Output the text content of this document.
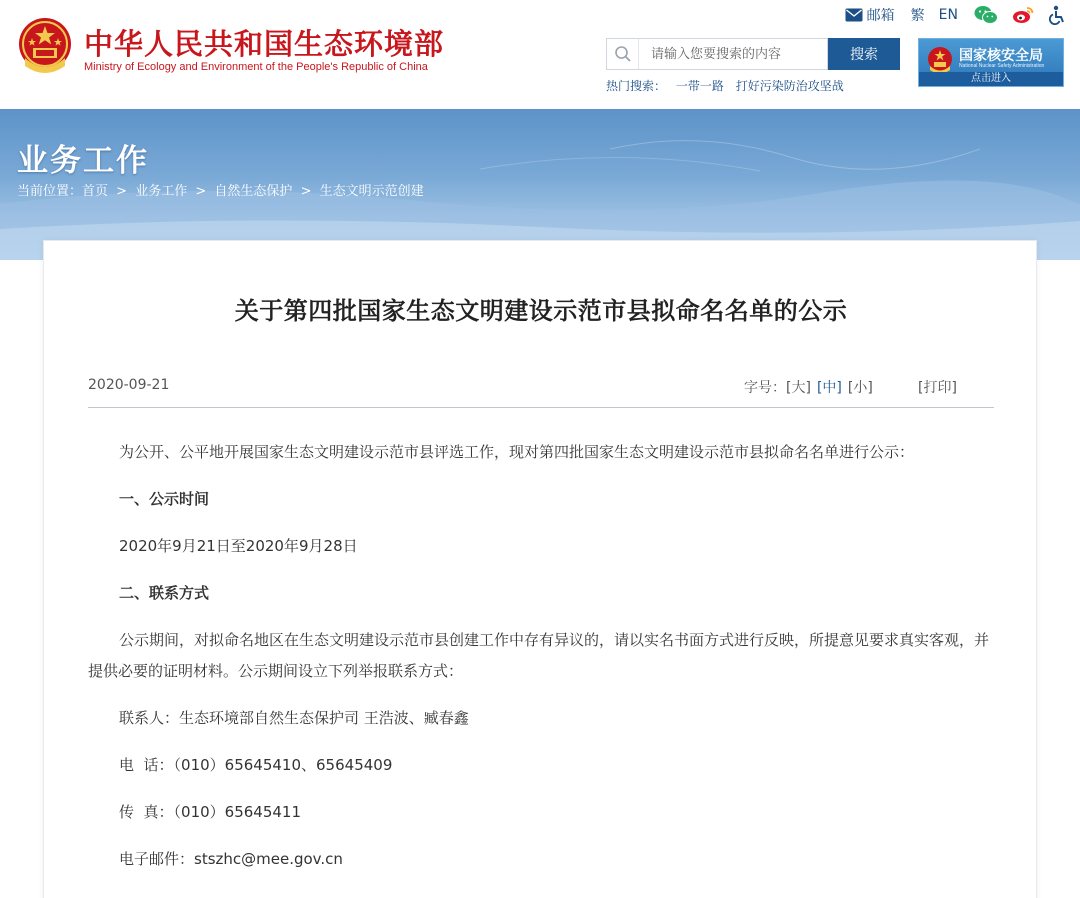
中华人民共和国生态环境部
Ministry of Ecology and Environment of the People's Republic of China
邮箱 繁 EN
请输入您要搜索的内容
搜索
热门搜索： 一带一路 打好污染防治攻坚战
国家核安全局
National Nuclear Safety Administration
点击进入
业务工作
当前位置：首页 > 业务工作 > 自然生态保护 > 生态文明示范创建
关于第四批国家生态文明建设示范市县拟命名名单的公示
2020-09-21	字号：[大] [中] [小]	[打印]
为公开、公平地开展国家生态文明建设示范市县评选工作，现对第四批国家生态文明建设示范市县拟命名名单进行公示：
一、公示时间
2020年9月21日至2020年9月28日
二、联系方式
公示期间，对拟命名地区在生态文明建设示范市县创建工作中存有异议的，请以实名书面方式进行反映，所提意见要求真实客观，并提供必要的证明材料。公示期间设立下列举报联系方式：
联系人：生态环境部自然生态保护司 王浩波、臧春鑫
电  话：（010）65645410、65645409
传  真：（010）65645411
电子邮件：stszhc@mee.gov.cn
